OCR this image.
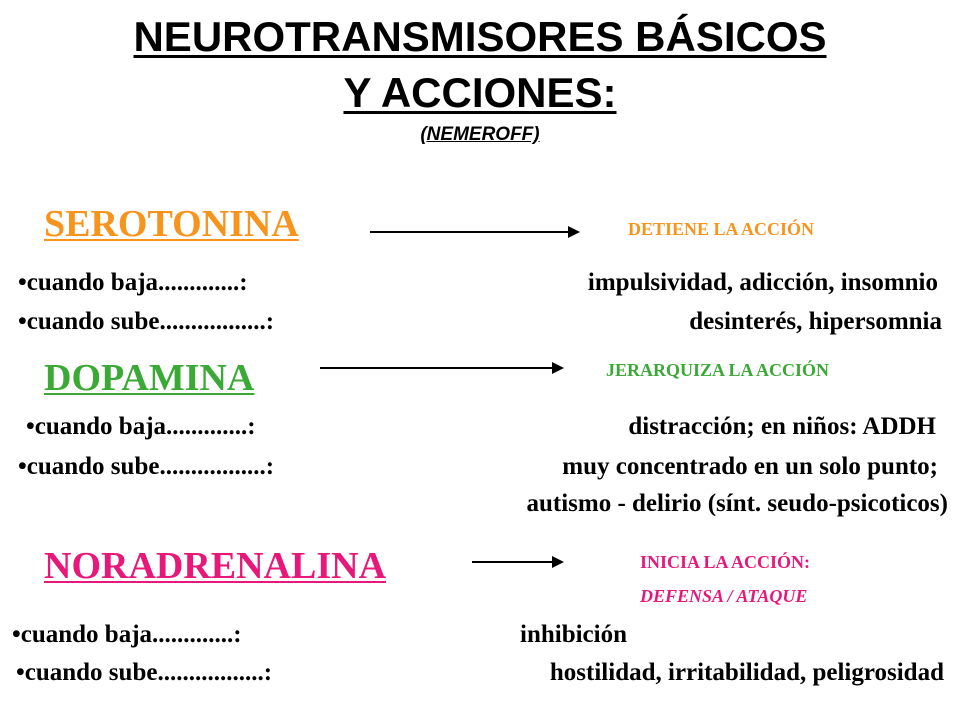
NEUROTRANSMISORES BÁSICOS
Y ACCIONES:
(NEMEROFF)
SEROTONINA	DETIENE LA ACCIÓN
•cuando baja.............:	impulsividad, adicción, insomnio
•cuando sube.................:	desinterés, hipersomnia
DOPAMINA	JERARQUIZA LA ACCIÓN
•cuando baja.............:	distracción; en niños: ADDH
•cuando sube.................:	muy concentrado en un solo punto;
autismo - delirio (sínt. seudo-psicoticos)
NORADRENALINA	INICIA LA ACCIÓN:
DEFENSA / ATAQUE
•cuando baja.............:	inhibición
•cuando sube.................:	hostilidad, irritabilidad, peligrosidad
